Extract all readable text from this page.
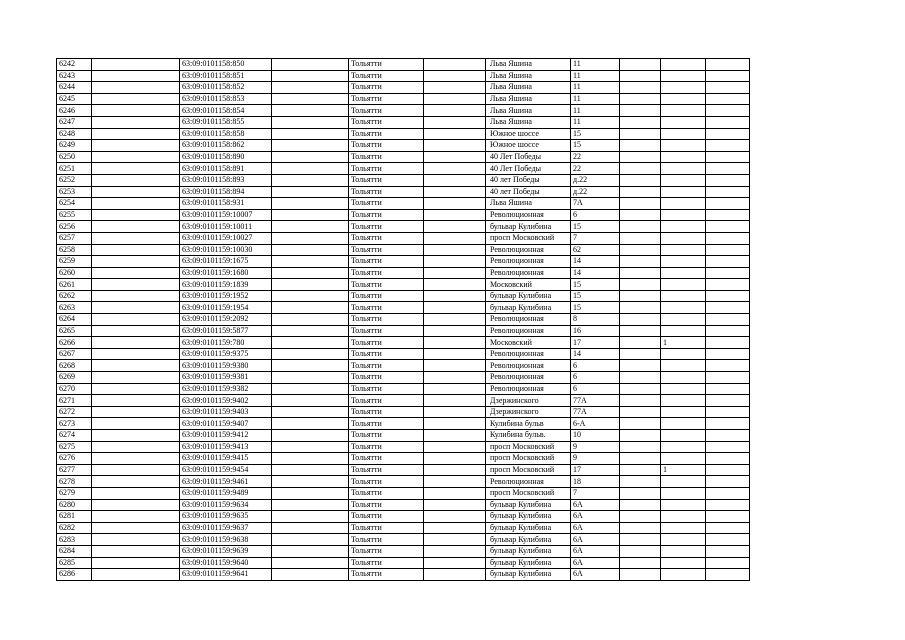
6242		63:09:0101158:850		Тольятти		Льва Яшина	11			
6243		63:09:0101158:851		Тольятти		Льва Яшина	11			
6244		63:09:0101158:852		Тольятти		Льва Яшина	11			
6245		63:09:0101158:853		Тольятти		Льва Яшина	11			
6246		63:09:0101158:854		Тольятти		Льва Яшина	11			
6247		63:09:0101158:855		Тольятти		Льва Яшина	11			
6248		63:09:0101158:858		Тольятти		Южное шоссе	15			
6249		63:09:0101158:862		Тольятти		Южное шоссе	15			
6250		63:09:0101158:890		Тольятти		40 Лет Победы	22			
6251		63:09:0101158:891		Тольятти		40 Лет Победы	22			
6252		63:09:0101158:893		Тольятти		40 лет Победы	д.22			
6253		63:09:0101158:894		Тольятти		40 лет Победы	д.22			
6254		63:09:0101158:931		Тольятти		Льва Яшина	7А			
6255		63:09:0101159:10007		Тольятти		Революционная	6			
6256		63:09:0101159:10011		Тольятти		бульвар Кулибина	15			
6257		63:09:0101159:10027		Тольятти		просп Московский	7			
6258		63:09:0101159:10030		Тольятти		Революционная	62			
6259		63:09:0101159:1675		Тольятти		Революционная	14			
6260		63:09:0101159:1680		Тольятти		Революционная	14			
6261		63:09:0101159:1839		Тольятти		Московский	15			
6262		63:09:0101159:1952		Тольятти		бульвар Кулибина	15			
6263		63:09:0101159:1954		Тольятти		бульвар Кулибина	15			
6264		63:09:0101159:2092		Тольятти		Революционная	8			
6265		63:09:0101159:5877		Тольятти		Революционная	16			
6266		63:09:0101159:780		Тольятти		Московский	17		1	
6267		63:09:0101159:9375		Тольятти		Революционная	14			
6268		63:09:0101159:9380		Тольятти		Революционная	6			
6269		63:09:0101159:9381		Тольятти		Революционная	6			
6270		63:09:0101159:9382		Тольятти		Революционная	6			
6271		63:09:0101159:9402		Тольятти		Дзержинского	77А			
6272		63:09:0101159:9403		Тольятти		Дзержинского	77А			
6273		63:09:0101159:9407		Тольятти		Кулибина бульв	6-А			
6274		63:09:0101159:9412		Тольятти		Кулибина бульв.	10			
6275		63:09:0101159:9413		Тольятти		просп Московский	9			
6276		63:09:0101159:9415		Тольятти		просп Московский	9			
6277		63:09:0101159:9454		Тольятти		просп Московский	17		1	
6278		63:09:0101159:9461		Тольятти		Революционная	18			
6279		63:09:0101159:9489		Тольятти		просп Московский	7			
6280		63:09:0101159:9634		Тольятти		бульвар Кулибина	6А			
6281		63:09:0101159:9635		Тольятти		бульвар Кулибина	6А			
6282		63:09:0101159:9637		Тольятти		бульвар Кулибина	6А			
6283		63:09:0101159:9638		Тольятти		бульвар Кулибина	6А			
6284		63:09:0101159:9639		Тольятти		бульвар Кулибина	6А			
6285		63:09:0101159:9640		Тольятти		бульвар Кулибина	6А			
6286		63:09:0101159:9641		Тольятти		бульвар Кулибина	6А			
